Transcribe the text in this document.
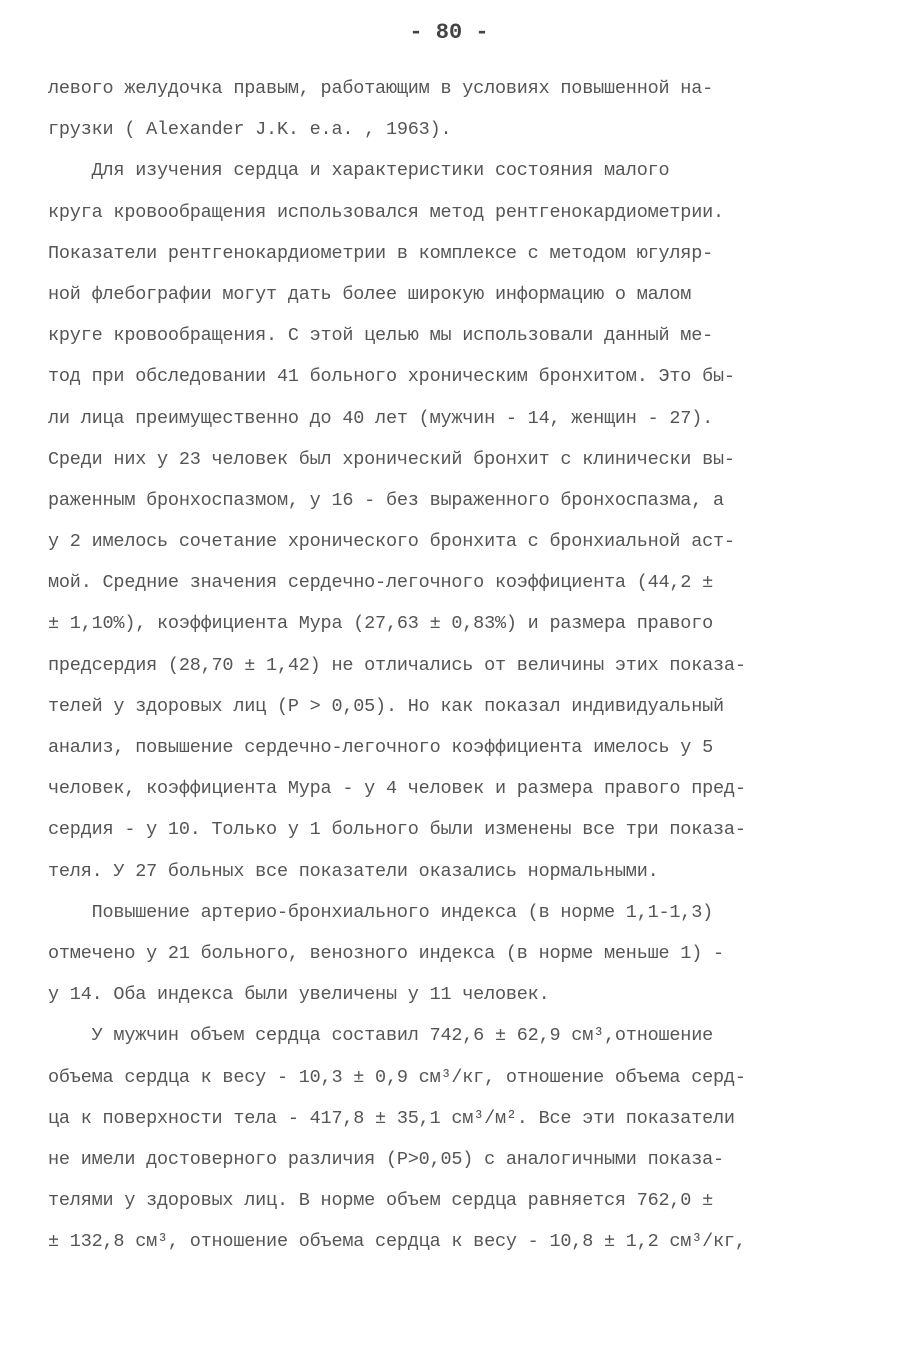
- 80 -
левого желудочка правым, работающим в условиях повышенной на-
грузки ( Alexander J.K. e.a. , 1963).
Для изучения сердца и характеристики состояния малого
круга кровообращения использовался метод рентгенокардиометрии.
Показатели рентгенокардиометрии в комплексе с методом югуляр-
ной флебографии могут дать более широкую информацию о малом
круге кровообращения. С этой целью мы использовали данный ме-
тод при обследовании 41 больного хроническим бронхитом. Это бы-
ли лица преимущественно до 40 лет (мужчин - 14, женщин - 27).
Среди них у 23 человек был хронический бронхит с клинически вы-
раженным бронхоспазмом, у 16 - без выраженного бронхоспазма, а
у 2 имелось сочетание хронического бронхита с бронхиальной аст-
мой. Средние значения сердечно-легочного коэффициента (44,2 ±
± 1,10%), коэффициента Мура (27,63 ± 0,83%) и размера правого
предсердия (28,70 ± 1,42) не отличались от величины этих показа-
телей у здоровых лиц (Р > 0,05). Но как показал индивидуальный
анализ, повышение сердечно-легочного коэффициента имелось у 5
человек, коэффициента Мура - у 4 человек и размера правого пред-
сердия - у 10. Только у 1 больного были изменены все три показа-
теля. У 27 больных все показатели оказались нормальными.
Повышение артерио-бронхиального индекса (в норме 1,1-1,3)
отмечено у 21 больного, венозного индекса (в норме меньше 1) -
у 14. Оба индекса были увеличены у 11 человек.
У мужчин объем сердца составил 742,6 ± 62,9 см³,отношение
объема сердца к весу - 10,3 ± 0,9 см³/кг, отношение объема серд-
ца к поверхности тела - 417,8 ± 35,1 см³/м². Все эти показатели
не имели достоверного различия (Р>0,05) с аналогичными показа-
телями у здоровых лиц. В норме объем сердца равняется 762,0 ±
± 132,8 см³, отношение объема сердца к весу - 10,8 ± 1,2 см³/кг,
